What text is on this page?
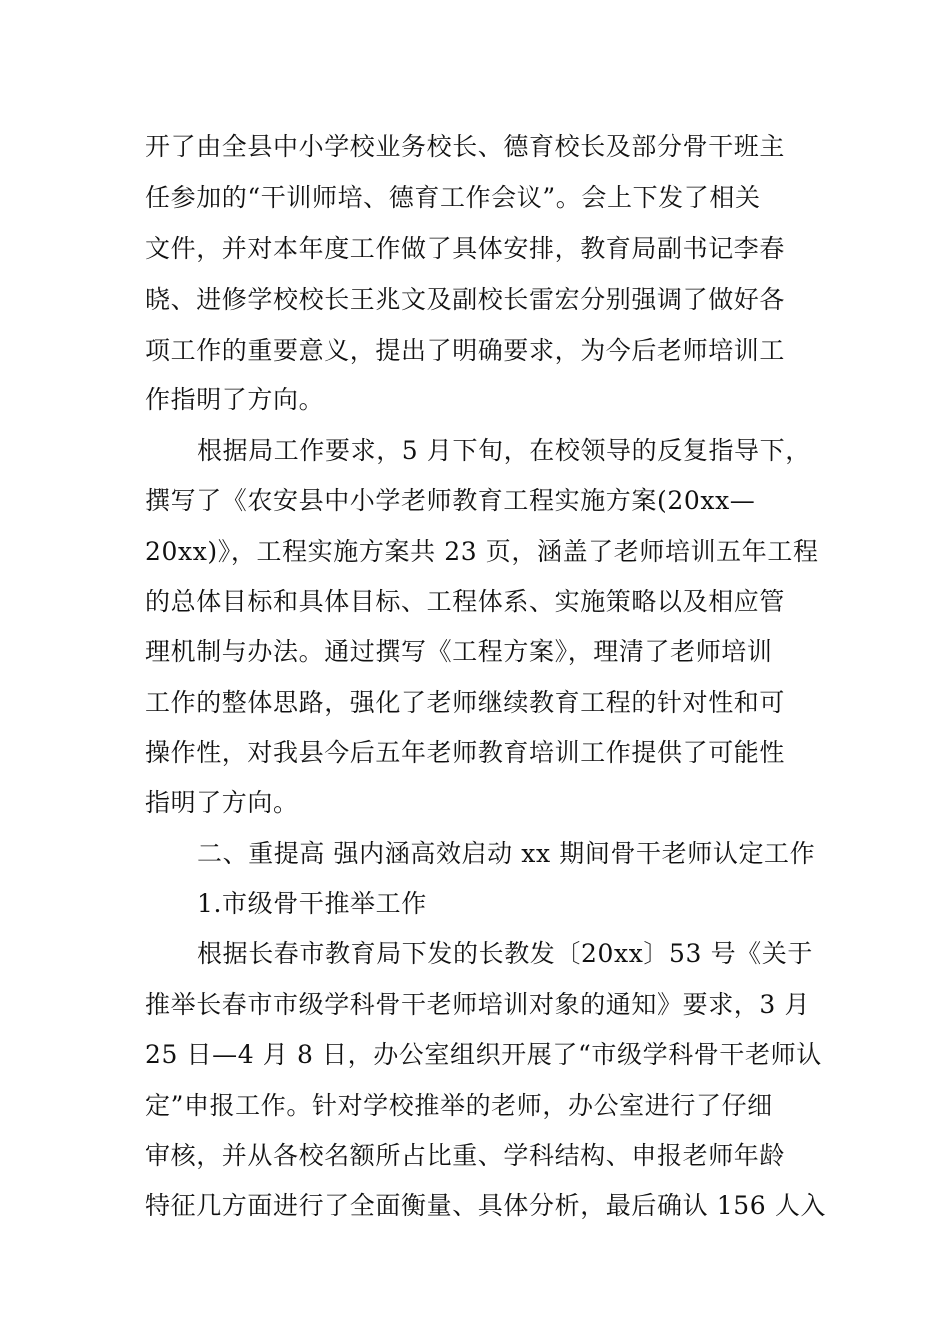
开了由全县中小学校业务校长、德育校长及部分骨干班主
任参加的“干训师培、德育工作会议”。会上下发了相关
文件，并对本年度工作做了具体安排，教育局副书记李春
晓、进修学校校长王兆文及副校长雷宏分别强调了做好各
项工作的重要意义，提出了明确要求，为今后老师培训工
作指明了方向。
根据局工作要求，5 月下旬，在校领导的反复指导下，
撰写了《农安县中小学老师教育工程实施方案(20xx—
20xx)》，工程实施方案共 23 页，涵盖了老师培训五年工程
的总体目标和具体目标、工程体系、实施策略以及相应管
理机制与办法。通过撰写《工程方案》，理清了老师培训
工作的整体思路，强化了老师继续教育工程的针对性和可
操作性，对我县今后五年老师教育培训工作提供了可能性
指明了方向。
二、重提高 强内涵高效启动 xx 期间骨干老师认定工作
1.市级骨干推举工作
根据长春市教育局下发的长教发〔20xx〕53 号《关于
推举长春市市级学科骨干老师培训对象的通知》要求，3 月
25 日—4 月 8 日，办公室组织开展了“市级学科骨干老师认
定”申报工作。针对学校推举的老师，办公室进行了仔细
审核，并从各校名额所占比重、学科结构、申报老师年龄
特征几方面进行了全面衡量、具体分析，最后确认 156 人入
